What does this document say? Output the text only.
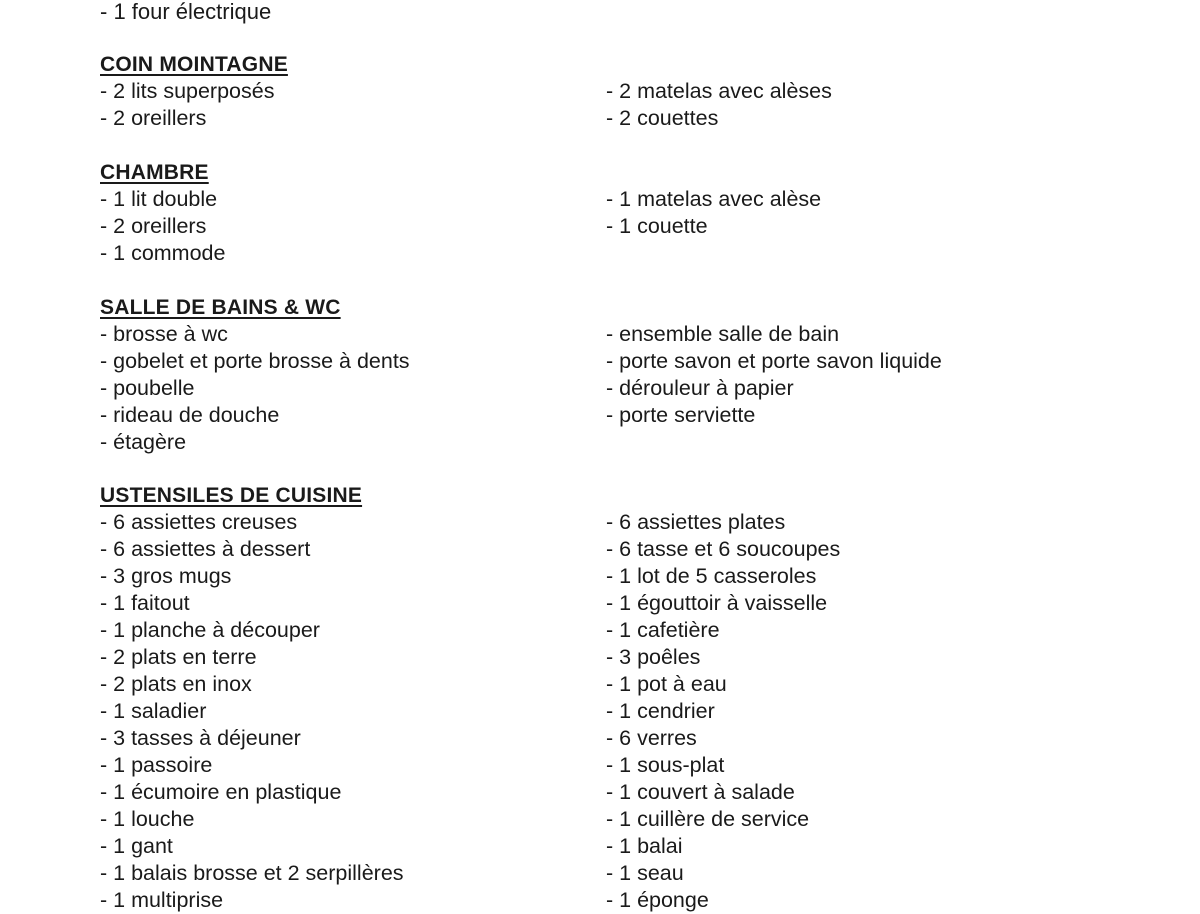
- 1 four électrique
COIN MOINTAGNE
- 2 lits superposés	- 2 matelas avec alèses
- 2 oreillers	- 2 couettes
CHAMBRE
- 1 lit double	- 1 matelas avec alèse
- 2 oreillers	- 1 couette
- 1 commode
SALLE DE BAINS & WC
- brosse à wc	- ensemble salle de bain
- gobelet et porte brosse à dents	- porte savon et porte savon liquide
- poubelle	- dérouleur à papier
- rideau de douche	- porte serviette
- étagère
USTENSILES DE CUISINE
- 6 assiettes creuses	- 6 assiettes plates
- 6 assiettes à dessert	- 6 tasse et 6 soucoupes
- 3 gros mugs	- 1 lot de 5 casseroles
- 1 faitout	- 1 égouttoir à vaisselle
- 1 planche à découper	- 1 cafetière
- 2 plats en terre	- 3 poêles
- 2 plats en inox	- 1 pot à eau
- 1 saladier	- 1 cendrier
- 3 tasses à déjeuner	- 6 verres
- 1 passoire	- 1 sous-plat
- 1 écumoire en plastique	- 1 couvert à salade
- 1 louche	- 1 cuillère de service
- 1 gant	- 1 balai
- 1 balais brosse et 2 serpillères	- 1 seau
- 1 multiprise	- 1 éponge
